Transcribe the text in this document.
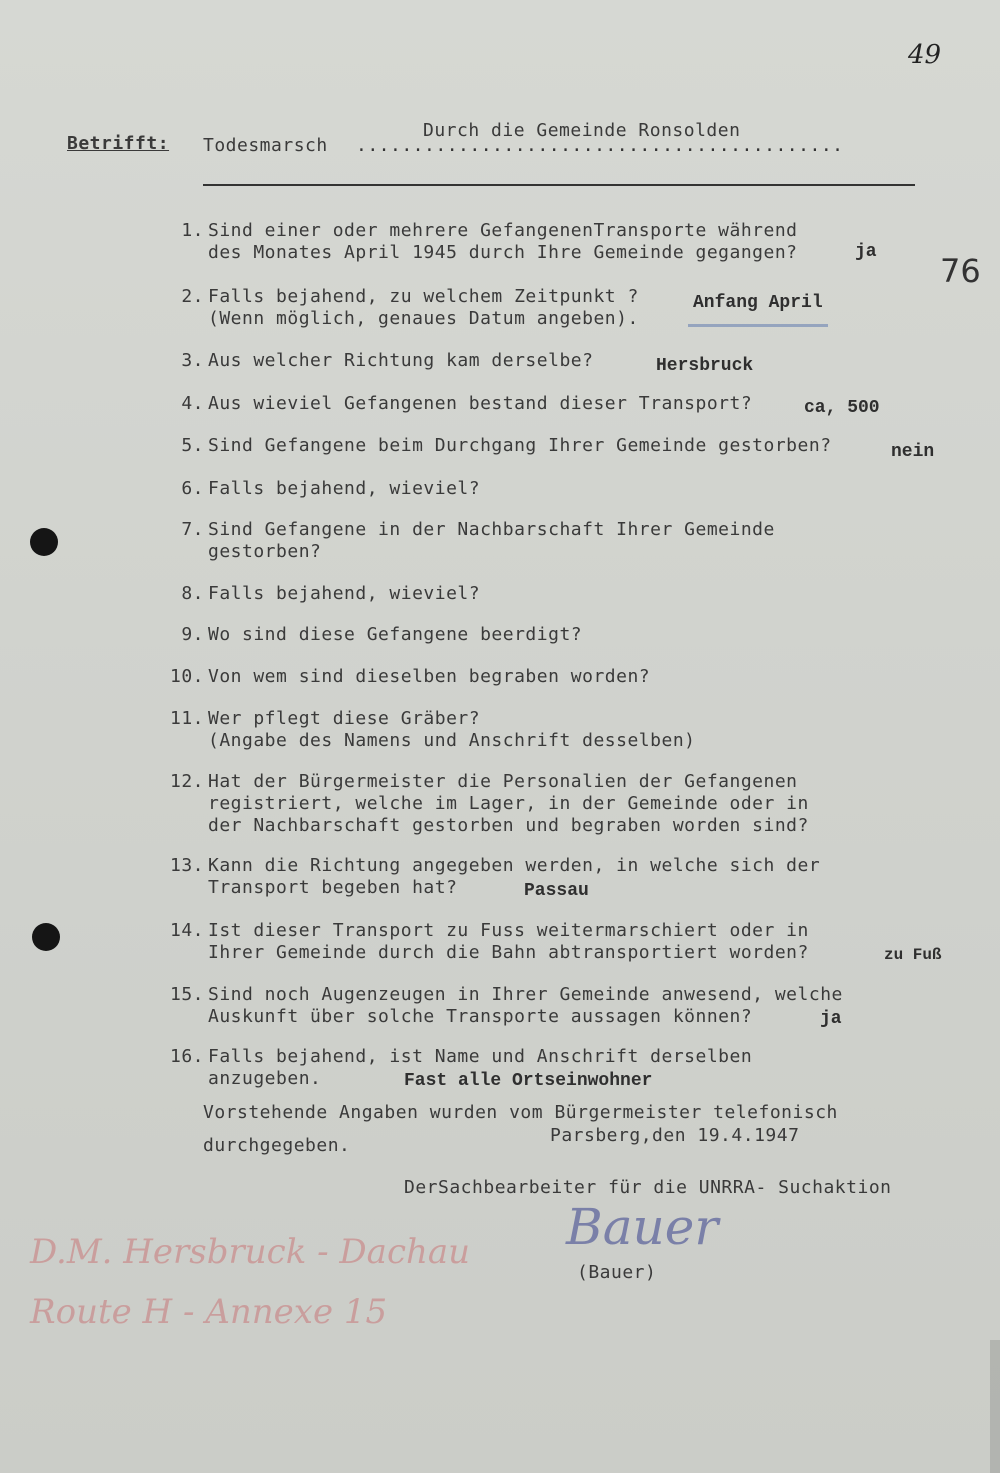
49
76
Betrifft: Todesmarsch ...........................................
Durch die Gemeinde Ronsolden
1. Sind einer oder mehrere GefangenenTransporte während
des Monates April 1945 durch Ihre Gemeinde gegangen?	ja
2. Falls bejahend, zu welchem Zeitpunkt ?
(Wenn möglich, genaues Datum angeben).
Anfang April
3. Aus welcher Richtung kam derselbe?	Hersbruck
4. Aus wieviel Gefangenen bestand dieser Transport?	ca, 500
5. Sind Gefangene beim Durchgang Ihrer Gemeinde gestorben?	nein
6. Falls bejahend, wieviel?
7. Sind Gefangene in der Nachbarschaft Ihrer Gemeinde
gestorben?
8. Falls bejahend, wieviel?
9. Wo sind diese Gefangene beerdigt?
10. Von wem sind dieselben begraben worden?
11. Wer pflegt diese Gräber?
(Angabe des Namens und Anschrift desselben)
12. Hat der Bürgermeister die Personalien der Gefangenen
registriert, welche im Lager, in der Gemeinde oder in
der Nachbarschaft gestorben und begraben worden sind?
13. Kann die Richtung angegeben werden, in welche sich der
Transport begeben hat?	Passau
14. Ist dieser Transport zu Fuss weitermarschiert oder in
Ihrer Gemeinde durch die Bahn abtransportiert worden?	zu Fuß
15. Sind noch Augenzeugen in Ihrer Gemeinde anwesend, welche
Auskunft über solche Transporte aussagen können?	ja
16. Falls bejahend, ist Name und Anschrift derselben
anzugeben.	Fast alle Ortseinwohner
Vorstehende Angaben wurden vom Bürgermeister telefonisch
durchgegeben.	Parsberg,den 19.4.1947
DerSachbearbeiter für die UNRRA- Suchaktion
Bauer
(Bauer)
D.M. Hersbruck - Dachau
Route H - Annexe 15
